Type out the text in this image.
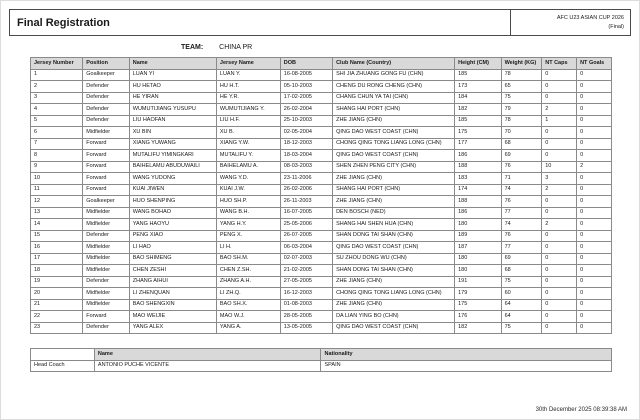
Final Registration	AFC U23 ASIAN CUP 2026
(Final)
TEAM: CHINA PR
Jersey Number	Position	Name	Jersey Name	DOB	Club Name (Country)	Height (CM)	Weight (KG)	NT Caps	NT Goals
1	Goalkeeper	LUAN YI	LUAN Y.	16-08-2005	SHI JIA ZHUANG GONG FU (CHN)	185	78	0	0
2	Defender	HU HETAO	HU H.T.	05-10-2003	CHENG DU RONG CHENG (CHN)	173	65	0	0
3	Defender	HE YIRAN	HE Y.R.	17-02-2005	CHANG CHUN YA TAI (CHN)	184	75	0	0
4	Defender	WUMUTIJIANG YUSUPU	WUMUTIJIANG Y.	26-02-2004	SHANG HAI PORT (CHN)	182	79	2	0
5	Defender	LIU HAOFAN	LIU H.F.	25-10-2003	ZHE JIANG (CHN)	185	78	1	0
6	Midfielder	XU BIN	XU B.	02-05-2004	QING DAO WEST COAST (CHN)	175	70	0	0
7	Forward	XIANG YUWANG	XIANG Y.W.	18-12-2003	CHONG QING TONG LIANG LONG (CHN)	177	68	0	0
8	Forward	MUTALIFU YIMINGKARI	MUTALIFU Y.	18-03-2004	QING DAO WEST COAST (CHN)	186	69	0	0
9	Forward	BAIHELAMU ABUDUWAILI	BAIHELAMU A.	08-03-2003	SHEN ZHEN PENG CITY (CHN)	188	76	10	2
10	Forward	WANG YUDONG	WANG Y.D.	23-11-2006	ZHE JIANG (CHN)	183	71	3	0
11	Forward	KUAI JIWEN	KUAI J.W.	26-02-2006	SHANG HAI PORT (CHN)	174	74	2	0
12	Goalkeeper	HUO SHENPING	HUO SH.P.	26-11-2003	ZHE JIANG (CHN)	188	76	0	0
13	Midfielder	WANG BOHAO	WANG B.H.	16-07-2005	DEN BOSCH (NED)	186	77	0	0
14	Midfielder	YANG HAOYU	YANG H.Y.	25-05-2006	SHANG HAI SHEN HUA (CHN)	180	74	2	0
15	Defender	PENG XIAO	PENG X.	26-07-2005	SHAN DONG TAI SHAN (CHN)	189	76	0	0
16	Midfielder	LI HAO	LI H.	06-03-2004	QING DAO WEST COAST (CHN)	187	77	0	0
17	Midfielder	BAO SHIMENG	BAO SH.M.	02-07-2003	SU ZHOU DONG WU (CHN)	180	69	0	0
18	Midfielder	CHEN ZESHI	CHEN Z.SH.	21-02-2005	SHAN DONG TAI SHAN (CHN)	180	68	0	0
19	Defender	ZHANG AIHUI	ZHANG A.H.	27-05-2005	ZHE JIANG (CHN)	191	75	0	0
20	Midfielder	LI ZHENQUAN	LI ZH.Q.	16-12-2003	CHONG QING TONG LIANG LONG (CHN)	179	60	0	0
21	Midfielder	BAO SHENGXIN	BAO SH.X.	01-08-2003	ZHE JIANG (CHN)	175	64	0	0
22	Forward	MAO WEIJIE	MAO W.J.	28-05-2005	DA LIAN YING BO (CHN)	176	64	0	0
23	Defender	YANG ALEX	YANG A.	13-05-2005	QING DAO WEST COAST (CHN)	182	75	0	0
	Name	Nationality
Head Coach	ANTONIO PUCHE VICENTE	SPAIN
30th December 2025 08:39:38 AM
